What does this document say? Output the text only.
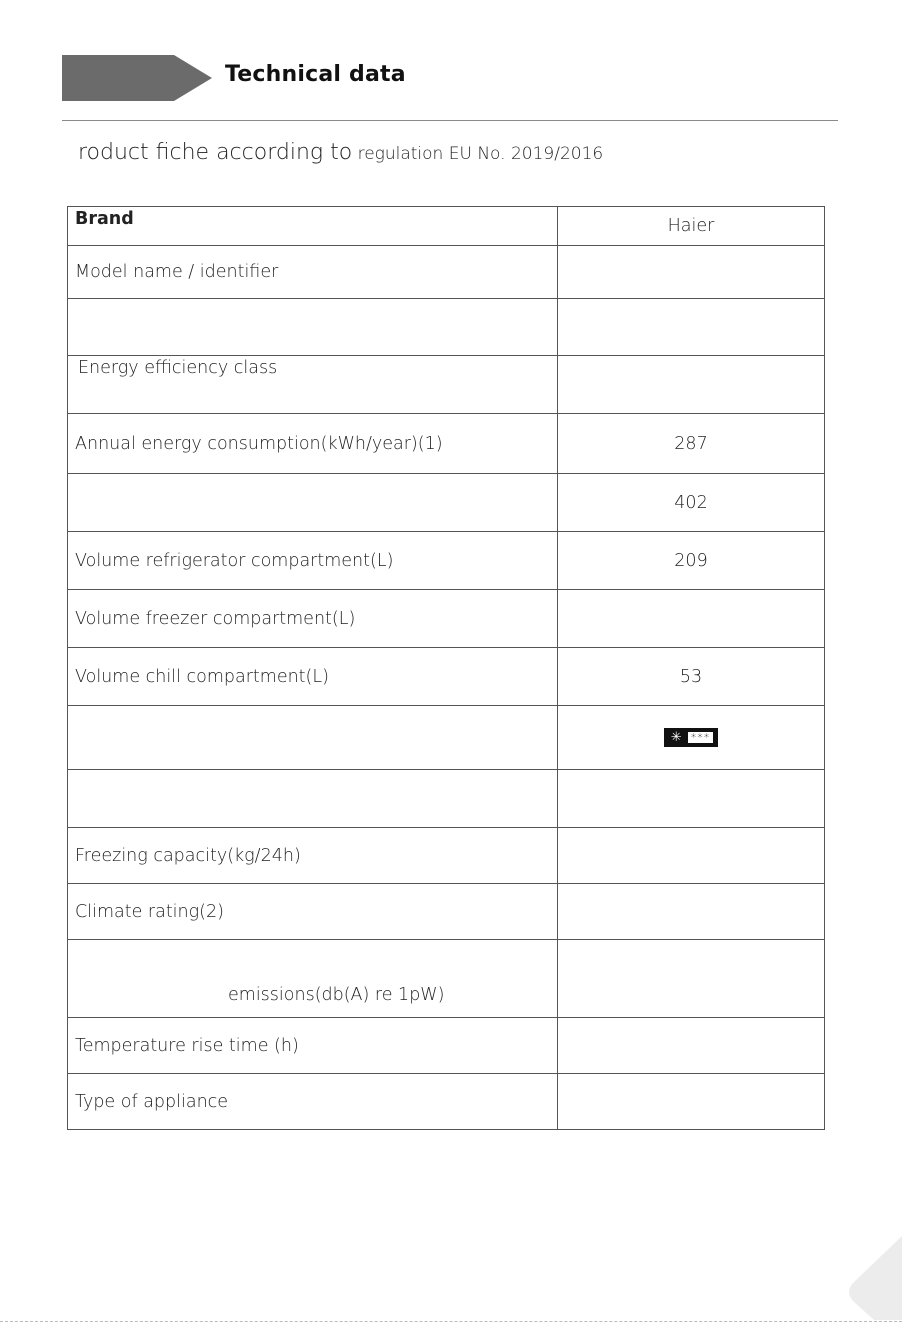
Technical data
roduct fiche according to regulation EU No. 2019/2016
Brand	Haier
Model name / identifier	

Energy efficiency class	
Annual energy consumption(kWh/year)(1)	287
	402
Volume refrigerator compartment(L)	209
Volume freezer compartment(L)	
Volume chill compartment(L)	53

	✳ ***

Freezing capacity(kg/24h)	
Climate rating(2)	
emissions(db(A) re 1pW)	
Temperature rise time (h)	
Type of appliance	
